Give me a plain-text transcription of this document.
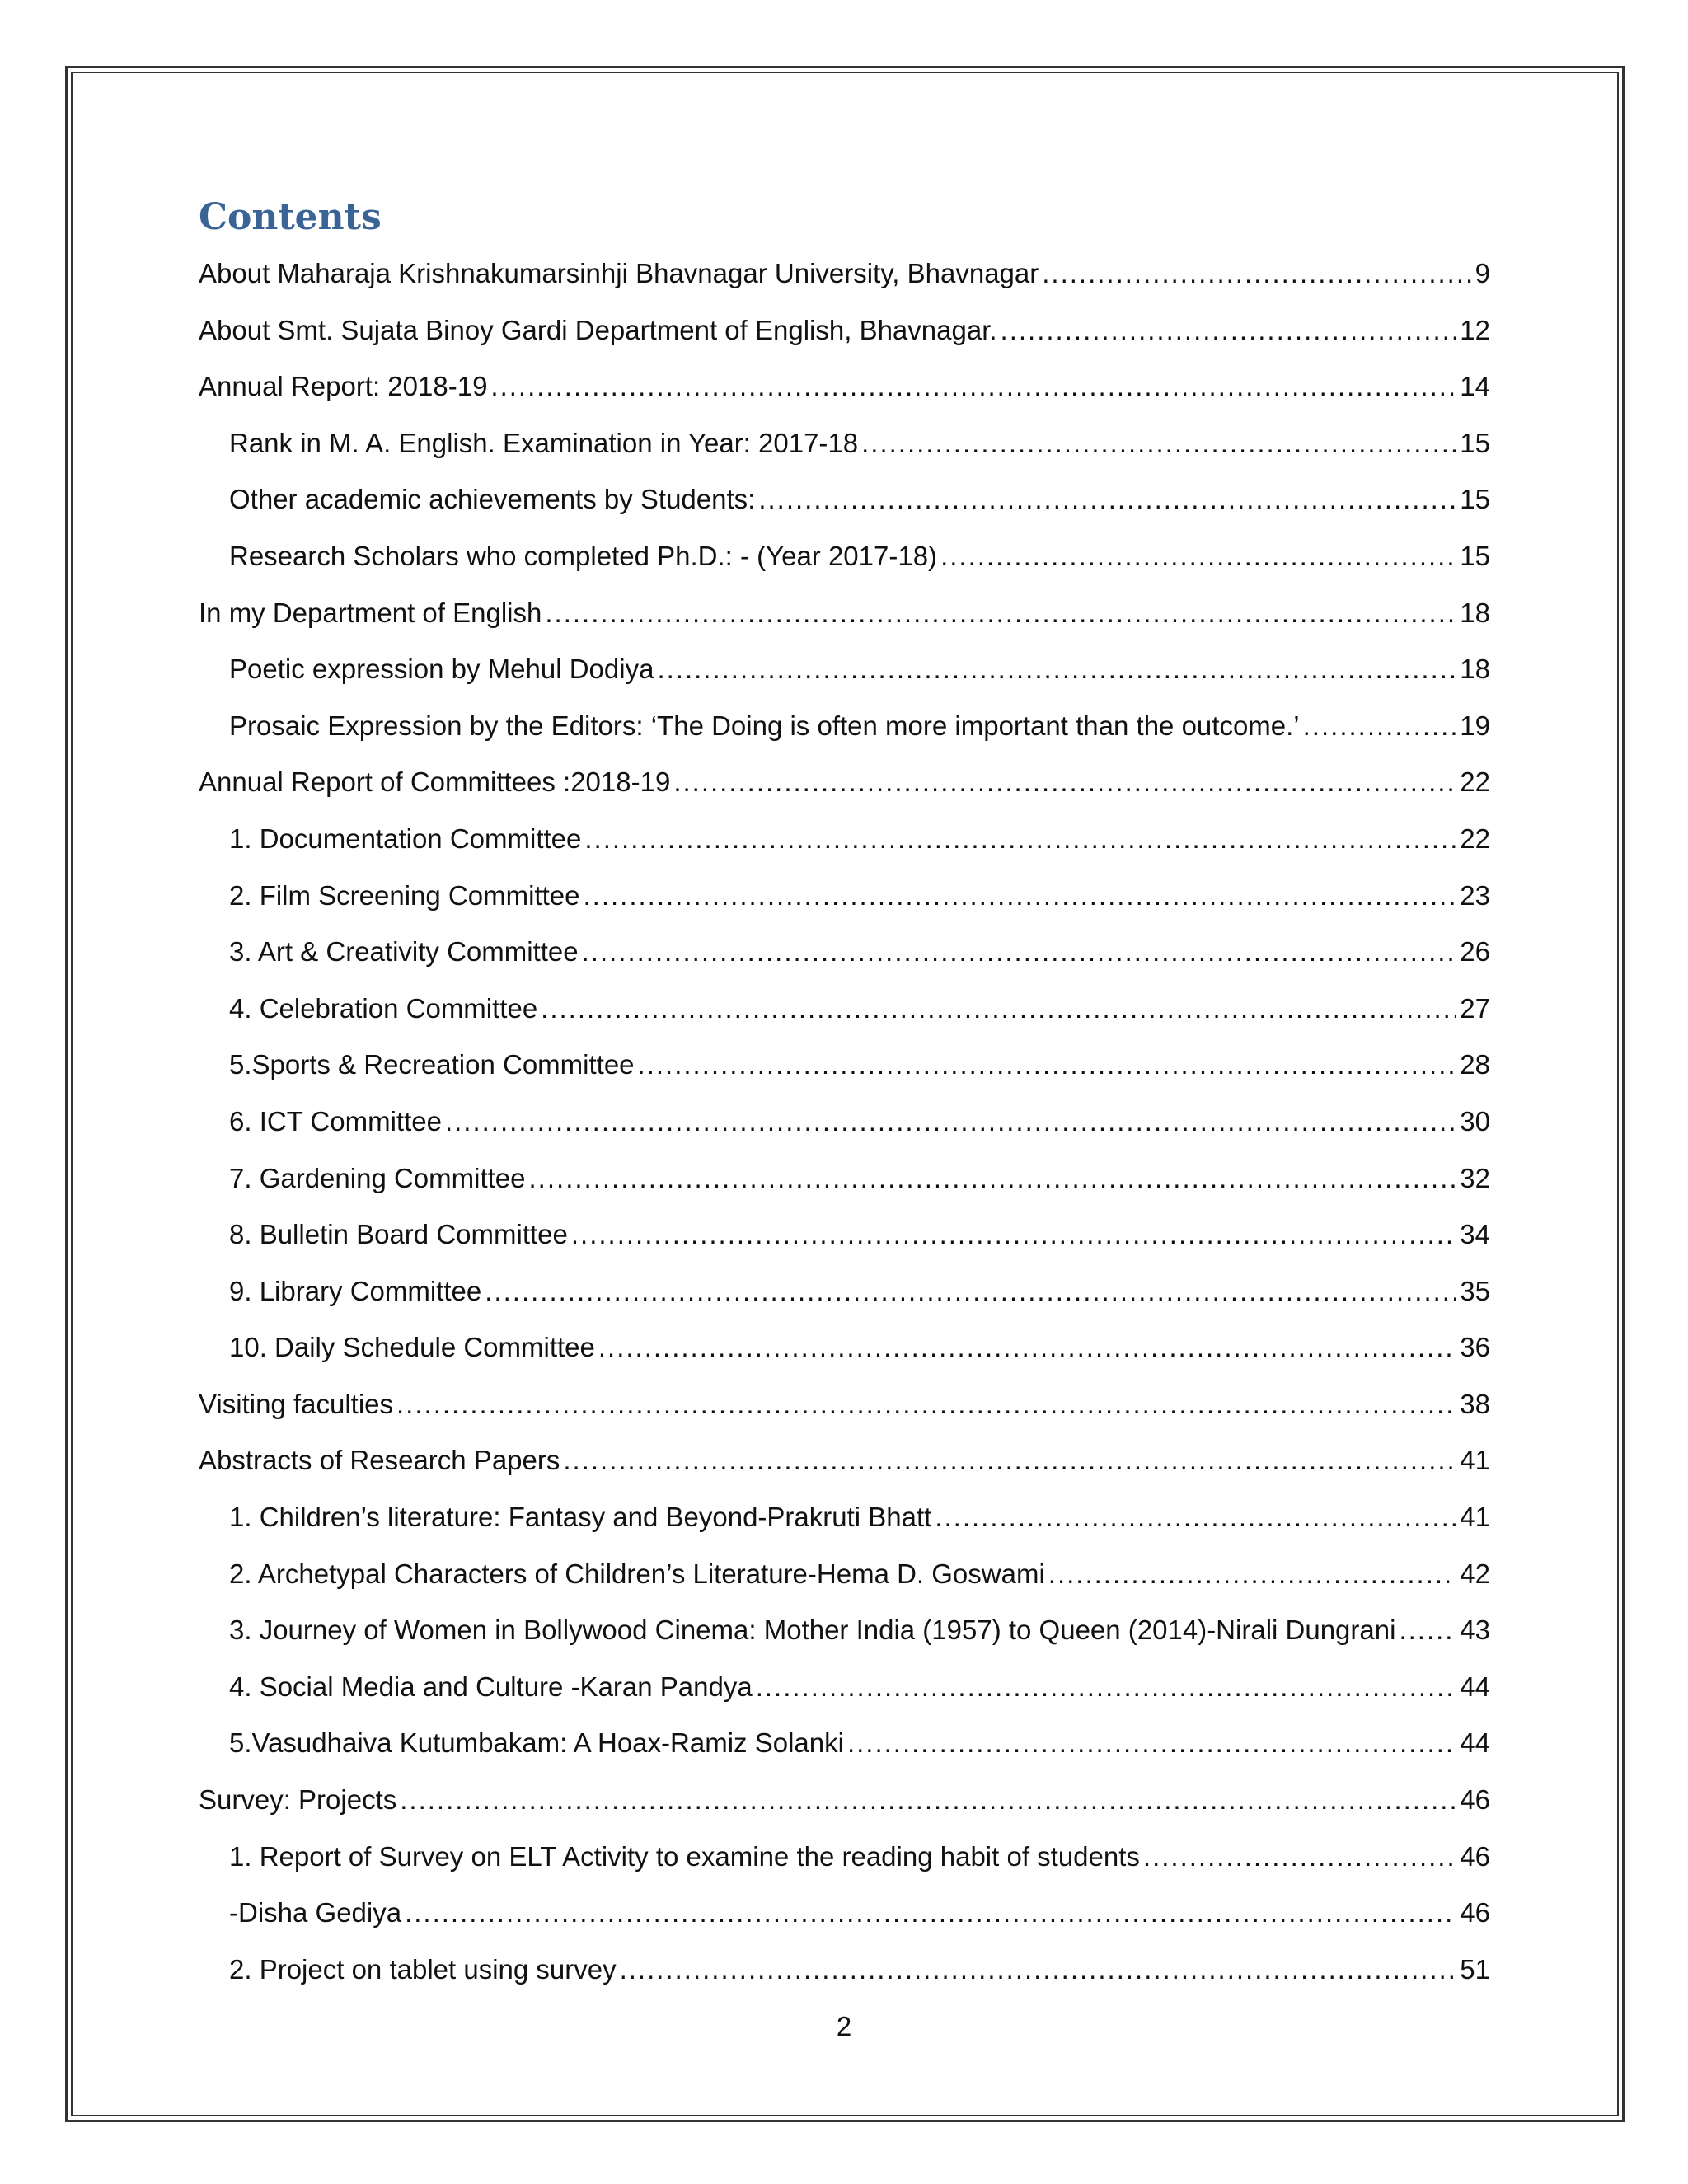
Contents
About Maharaja Krishnakumarsinhji Bhavnagar University, Bhavnagar .....	9
About Smt. Sujata Binoy Gardi Department of English, Bhavnagar. .....	12
Annual Report: 2018-19 .....	14
Rank in M. A. English. Examination in Year: 2017-18 .....	15
Other academic achievements by Students: .....	15
Research Scholars who completed Ph.D.: - (Year 2017-18) .....	15
In my Department of English .....	18
Poetic expression by Mehul Dodiya .....	18
Prosaic Expression by the Editors: ‘The Doing is often more important than the outcome.’ .....	19
Annual Report of Committees :2018-19 .....	22
1. Documentation Committee .....	22
2. Film Screening Committee .....	23
3. Art & Creativity Committee .....	26
4. Celebration Committee .....	27
5.Sports & Recreation Committee .....	28
6. ICT Committee .....	30
7. Gardening Committee .....	32
8. Bulletin Board Committee .....	34
9. Library Committee .....	35
10. Daily Schedule Committee .....	36
Visiting faculties .....	38
Abstracts of Research Papers .....	41
1. Children’s literature: Fantasy and Beyond-Prakruti Bhatt .....	41
2. Archetypal Characters of Children’s Literature-Hema D. Goswami .....	42
3. Journey of Women in Bollywood Cinema: Mother India (1957) to Queen (2014)-Nirali Dungrani ..... 43
4. Social Media and Culture -Karan Pandya .....	44
5.Vasudhaiva Kutumbakam: A Hoax-Ramiz Solanki .....	44
Survey: Projects .....	46
1. Report of Survey on ELT Activity to examine the reading habit of students .....	46
-Disha Gediya .....	46
2. Project on tablet using survey .....	51
2
